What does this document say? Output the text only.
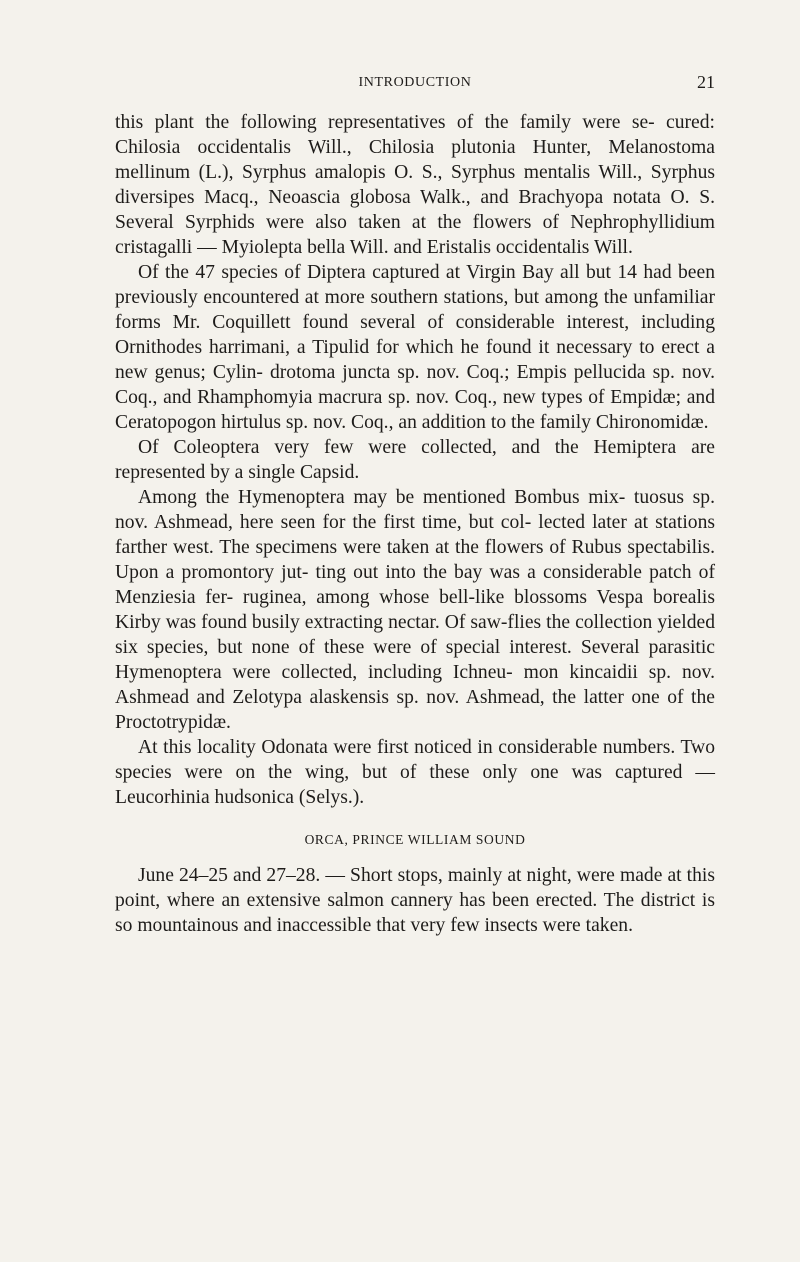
INTRODUCTION	21

this plant the following representatives of the family were se- cured: Chilosia occidentalis Will., Chilosia plutonia Hunter, Melanostoma mellinum (L.), Syrphus amalopis O. S., Syrphus mentalis Will., Syrphus diversipes Macq., Neoascia globosa Walk., and Brachyopa notata O. S. Several Syrphids were also taken at the flowers of Nephrophyllidium cristagalli — Myiolepta bella Will. and Eristalis occidentalis Will.

Of the 47 species of Diptera captured at Virgin Bay all but 14 had been previously encountered at more southern stations, but among the unfamiliar forms Mr. Coquillett found several of considerable interest, including Ornithodes harrimani, a Tipulid for which he found it necessary to erect a new genus; Cylin- drotoma juncta sp. nov. Coq.; Empis pellucida sp. nov. Coq., and Rhamphomyia macrura sp. nov. Coq., new types of Empidæ; and Ceratopogon hirtulus sp. nov. Coq., an addition to the family Chironomidæ.

Of Coleoptera very few were collected, and the Hemiptera are represented by a single Capsid.

Among the Hymenoptera may be mentioned Bombus mix- tuosus sp. nov. Ashmead, here seen for the first time, but col- lected later at stations farther west. The specimens were taken at the flowers of Rubus spectabilis. Upon a promontory jut- ting out into the bay was a considerable patch of Menziesia fer- ruginea, among whose bell-like blossoms Vespa borealis Kirby was found busily extracting nectar. Of saw-flies the collection yielded six species, but none of these were of special interest. Several parasitic Hymenoptera were collected, including Ichneu- mon kincaidii sp. nov. Ashmead and Zelotypa alaskensis sp. nov. Ashmead, the latter one of the Proctotrypidæ.

At this locality Odonata were first noticed in considerable numbers. Two species were on the wing, but of these only one was captured — Leucorhinia hudsonica (Selys.).

ORCA, PRINCE WILLIAM SOUND

June 24–25 and 27–28. — Short stops, mainly at night, were made at this point, where an extensive salmon cannery has been erected. The district is so mountainous and inaccessible that very few insects were taken.
